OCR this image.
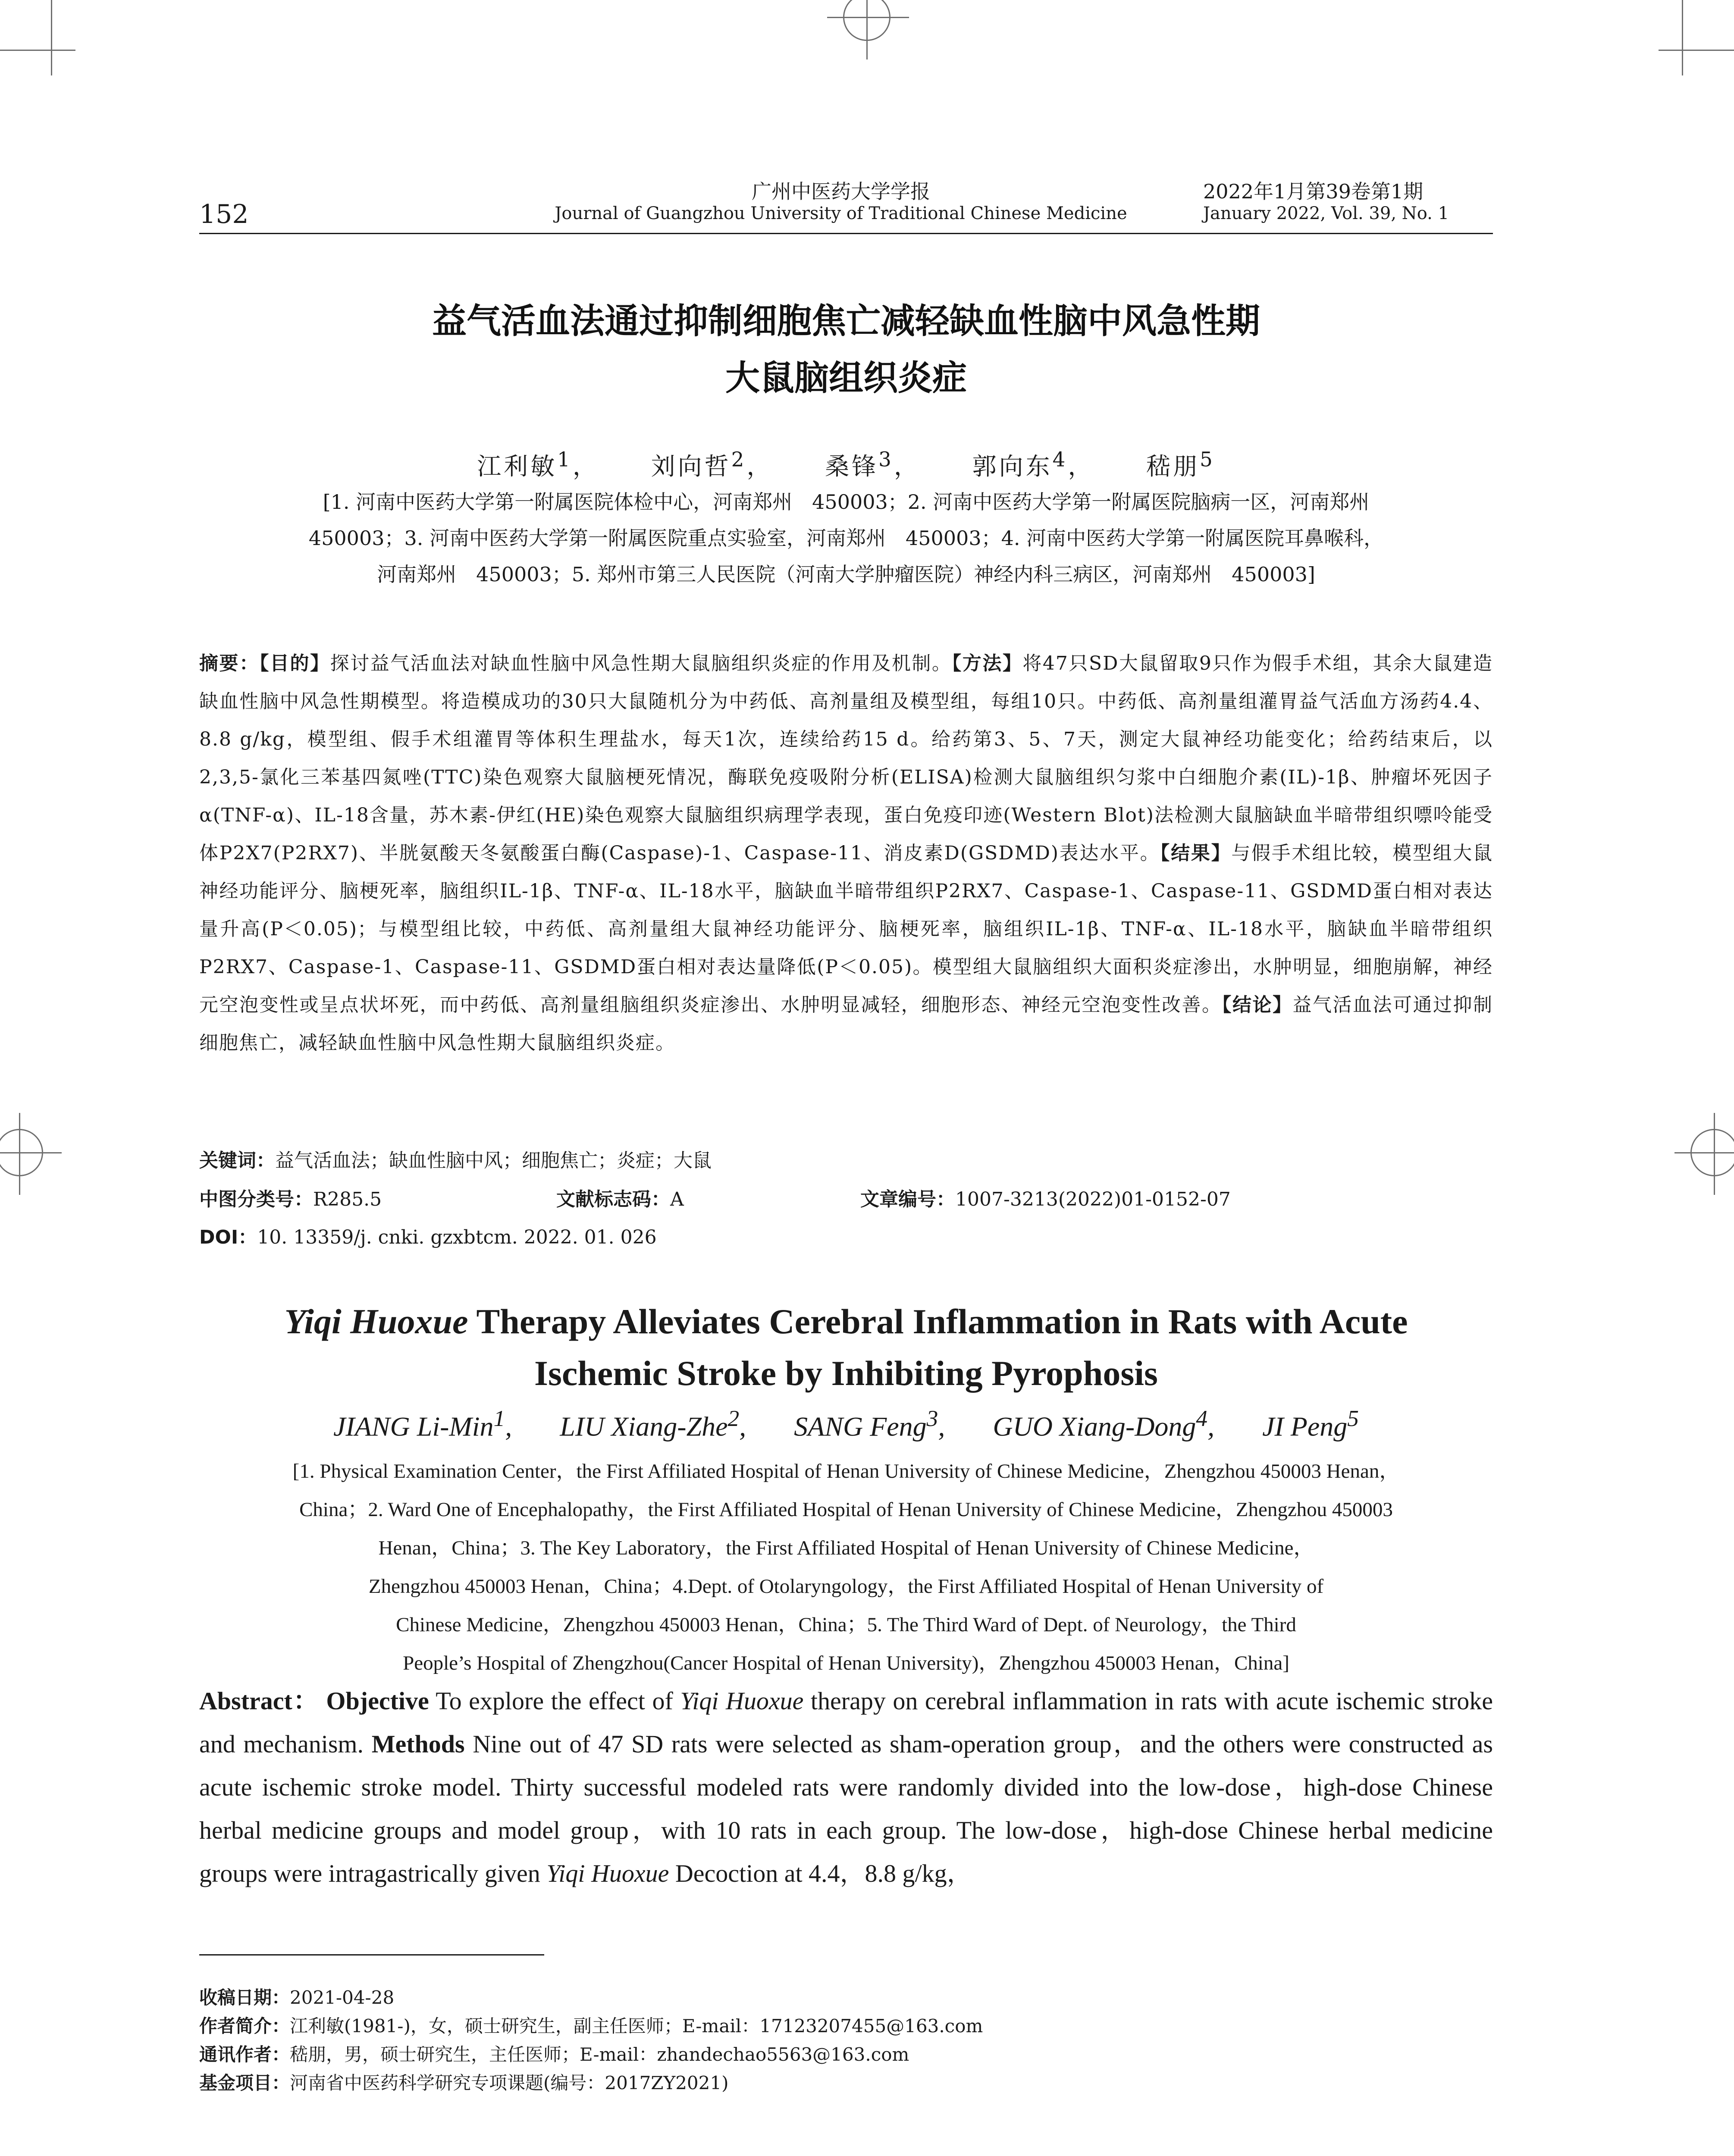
152
广州中医药大学学报
Journal of Guangzhou University of Traditional Chinese Medicine
2022年1月第39卷第1期
January 2022, Vol. 39, No. 1
益气活血法通过抑制细胞焦亡减轻缺血性脑中风急性期
大鼠脑组织炎症
江利敏$^1$，　　 刘向哲$^2$，　　 桑锋$^3$，　　 郭向东$^4$，　　 嵇朋$^5$
[1. 河南中医药大学第一附属医院体检中心，河南郑州　450003；2. 河南中医药大学第一附属医院脑病一区，河南郑州
450003；3. 河南中医药大学第一附属医院重点实验室，河南郑州　450003；4. 河南中医药大学第一附属医院耳鼻喉科，
河南郑州　450003；5. 郑州市第三人民医院（河南大学肿瘤医院）神经内科三病区，河南郑州　450003]
摘要：【目的】探讨益气活血法对缺血性脑中风急性期大鼠脑组织炎症的作用及机制。【方法】将47只SD大鼠留取9只作为假手术组，其余大鼠建造缺血性脑中风急性期模型。将造模成功的30只大鼠随机分为中药低、高剂量组及模型组，每组10只。中药低、高剂量组灌胃益气活血方汤药4.4、8.8 g/kg，模型组、假手术组灌胃等体积生理盐水，每天1次，连续给药15 d。给药第3、5、7天，测定大鼠神经功能变化；给药结束后，以2,3,5-氯化三苯基四氮唑(TTC)染色观察大鼠脑梗死情况，酶联免疫吸附分析(ELISA)检测大鼠脑组织匀浆中白细胞介素(IL)-1β、肿瘤坏死因子α(TNF-α)、IL-18含量，苏木素-伊红(HE)染色观察大鼠脑组织病理学表现，蛋白免疫印迹(Western Blot)法检测大鼠脑缺血半暗带组织嘌呤能受体P2X7(P2RX7)、半胱氨酸天冬氨酸蛋白酶(Caspase)-1、Caspase-11、消皮素D(GSDMD)表达水平。【结果】与假手术组比较，模型组大鼠神经功能评分、脑梗死率，脑组织IL-1β、TNF-α、IL-18水平，脑缺血半暗带组织P2RX7、Caspase-1、Caspase-11、GSDMD蛋白相对表达量升高(P＜0.05)；与模型组比较，中药低、高剂量组大鼠神经功能评分、脑梗死率，脑组织IL-1β、TNF-α、IL-18水平，脑缺血半暗带组织P2RX7、Caspase-1、Caspase-11、GSDMD蛋白相对表达量降低(P＜0.05)。模型组大鼠脑组织大面积炎症渗出，水肿明显，细胞崩解，神经元空泡变性或呈点状坏死，而中药低、高剂量组脑组织炎症渗出、水肿明显减轻，细胞形态、神经元空泡变性改善。【结论】益气活血法可通过抑制细胞焦亡，减轻缺血性脑中风急性期大鼠脑组织炎症。
关键词：益气活血法；缺血性脑中风；细胞焦亡；炎症；大鼠
中图分类号：R285.5	文献标志码：A	文章编号：1007-3213(2022)01-0152-07
DOI：10. 13359/j. cnki. gzxbtcm. 2022. 01. 026
Yiqi Huoxue Therapy Alleviates Cerebral Inflammation in Rats with Acute
Ischemic Stroke by Inhibiting Pyrophosis
JIANG Li-Min$^1$, LIU Xiang-Zhe$^2$, SANG Feng$^3$, GUO Xiang-Dong$^4$, JI Peng$^5$
[1. Physical Examination Center，the First Affiliated Hospital of Henan University of Chinese Medicine，Zhengzhou 450003 Henan，
China；2. Ward One of Encephalopathy，the First Affiliated Hospital of Henan University of Chinese Medicine，Zhengzhou 450003
Henan，China；3. The Key Laboratory，the First Affiliated Hospital of Henan University of Chinese Medicine，
Zhengzhou 450003 Henan，China；4.Dept. of Otolaryngology，the First Affiliated Hospital of Henan University of
Chinese Medicine，Zhengzhou 450003 Henan，China；5. The Third Ward of Dept. of Neurology，the Third
People’s Hospital of Zhengzhou(Cancer Hospital of Henan University)，Zhengzhou 450003 Henan，China]
Abstract： Objective To explore the effect of Yiqi Huoxue therapy on cerebral inflammation in rats with acute ischemic stroke and mechanism. Methods Nine out of 47 SD rats were selected as sham-operation group，and the others were constructed as acute ischemic stroke model. Thirty successful modeled rats were randomly divided into the low-dose，high-dose Chinese herbal medicine groups and model group，with 10 rats in each group. The low-dose，high-dose Chinese herbal medicine groups were intragastrically given Yiqi Huoxue Decoction at 4.4，8.8 g/kg，
收稿日期：2021-04-28
作者简介：江利敏(1981-)，女，硕士研究生，副主任医师；E-mail：17123207455@163.com
通讯作者：嵇朋，男，硕士研究生，主任医师；E-mail：zhandechao5563@163.com
基金项目：河南省中医药科学研究专项课题(编号：2017ZY2021)
